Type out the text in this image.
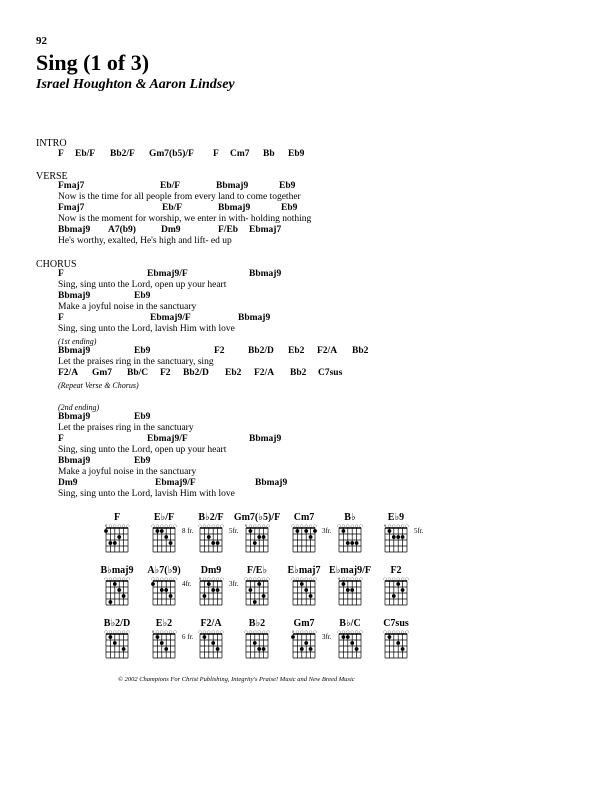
92
Sing (1 of 3)
Israel Houghton & Aaron Lindsey
INTRO
F Eb/F Bb2/F Gm7(b5)/F F Cm7 Bb Eb9
VERSE
Fmaj7	Eb/F	Bbmaj9	Eb9
Now is the time for all people from every land to come together
Fmaj7	Eb/F	Bbmaj9	Eb9
Now is the moment for worship, we enter in with- holding nothing
Bbmaj9 A7(b9)	Dm9	F/Eb Ebmaj7
He's worthy, exalted, He's high and lift- ed up
CHORUS
F	Ebmaj9/F	Bbmaj9
Sing, sing unto the Lord, open up your heart
Bbmaj9	Eb9
Make a joyful noise in the sanctuary
F	Ebmaj9/F	Bbmaj9
Sing, sing unto the Lord, lavish Him with love
(1st ending)
Bbmaj9	Eb9	F2 Bb2/D Eb2 F2/A Bb2
Let the praises ring in the sanctuary, sing
F2/A Gm7 Bb/C F2 Bb2/D Eb2 F2/A Bb2 C7sus
(Repeat Verse & Chorus)
(2nd ending)
Bbmaj9	Eb9
Let the praises ring in the sanctuary
F	Ebmaj9/F	Bbmaj9
Sing, sing unto the Lord, open up your heart
Bbmaj9	Eb9
Make a joyful noise in the sanctuary
Dm9	Ebmaj9/F	Bbmaj9
Sing, sing unto the Lord, lavish Him with love
F
× ○ ○ ○ ○ ○
E♭/F
○ ○ ○ ○ ○ ○
8 fr.
B♭2/F
○ ○ ○ ○ ○ ○
5fr.
Gm7(♭5)/F
× ○ ○ ○ ○ ○
Cm7
○ ○ ○ ○ ○ ○
3fr.
B♭
○ ○ ○ ○ ○ ○
E♭9
× ○ ○ ○ ○ ○
5fr.
B♭maj9
○ ○ ○ ○ ○ ○
A♭7(♭9)
○ ○ ○ ○ ○ ○
4fr.
Dm9
× ○ ○ ○ ○ ○
3fr.
F/E♭
○ ○ ○ ○ ○ ○
E♭maj7
○ ○ ○ ○ ○ ○
E♭maj9/F
× ○ ○ ○ ○ ○
F2
○ ○ ○ ○ ○ ○
B♭2/D
○ ○ ○ ○ ○ ○
E♭2
× ○ ○ ○ ○ ○
6 fr.
F2/A
○ ○ ○ ○ ○ ○
B♭2
○ ○ ○ ○ ○ ○
Gm7
× ○ ○ ○ ○ ○
3fr.
B♭/C
○ ○ ○ ○ ○ ○
C7sus
○ ○ ○ ○ ○ ○
© 2002 Champions For Christ Publishing, Integrity's Praise! Music and New Breed Music
